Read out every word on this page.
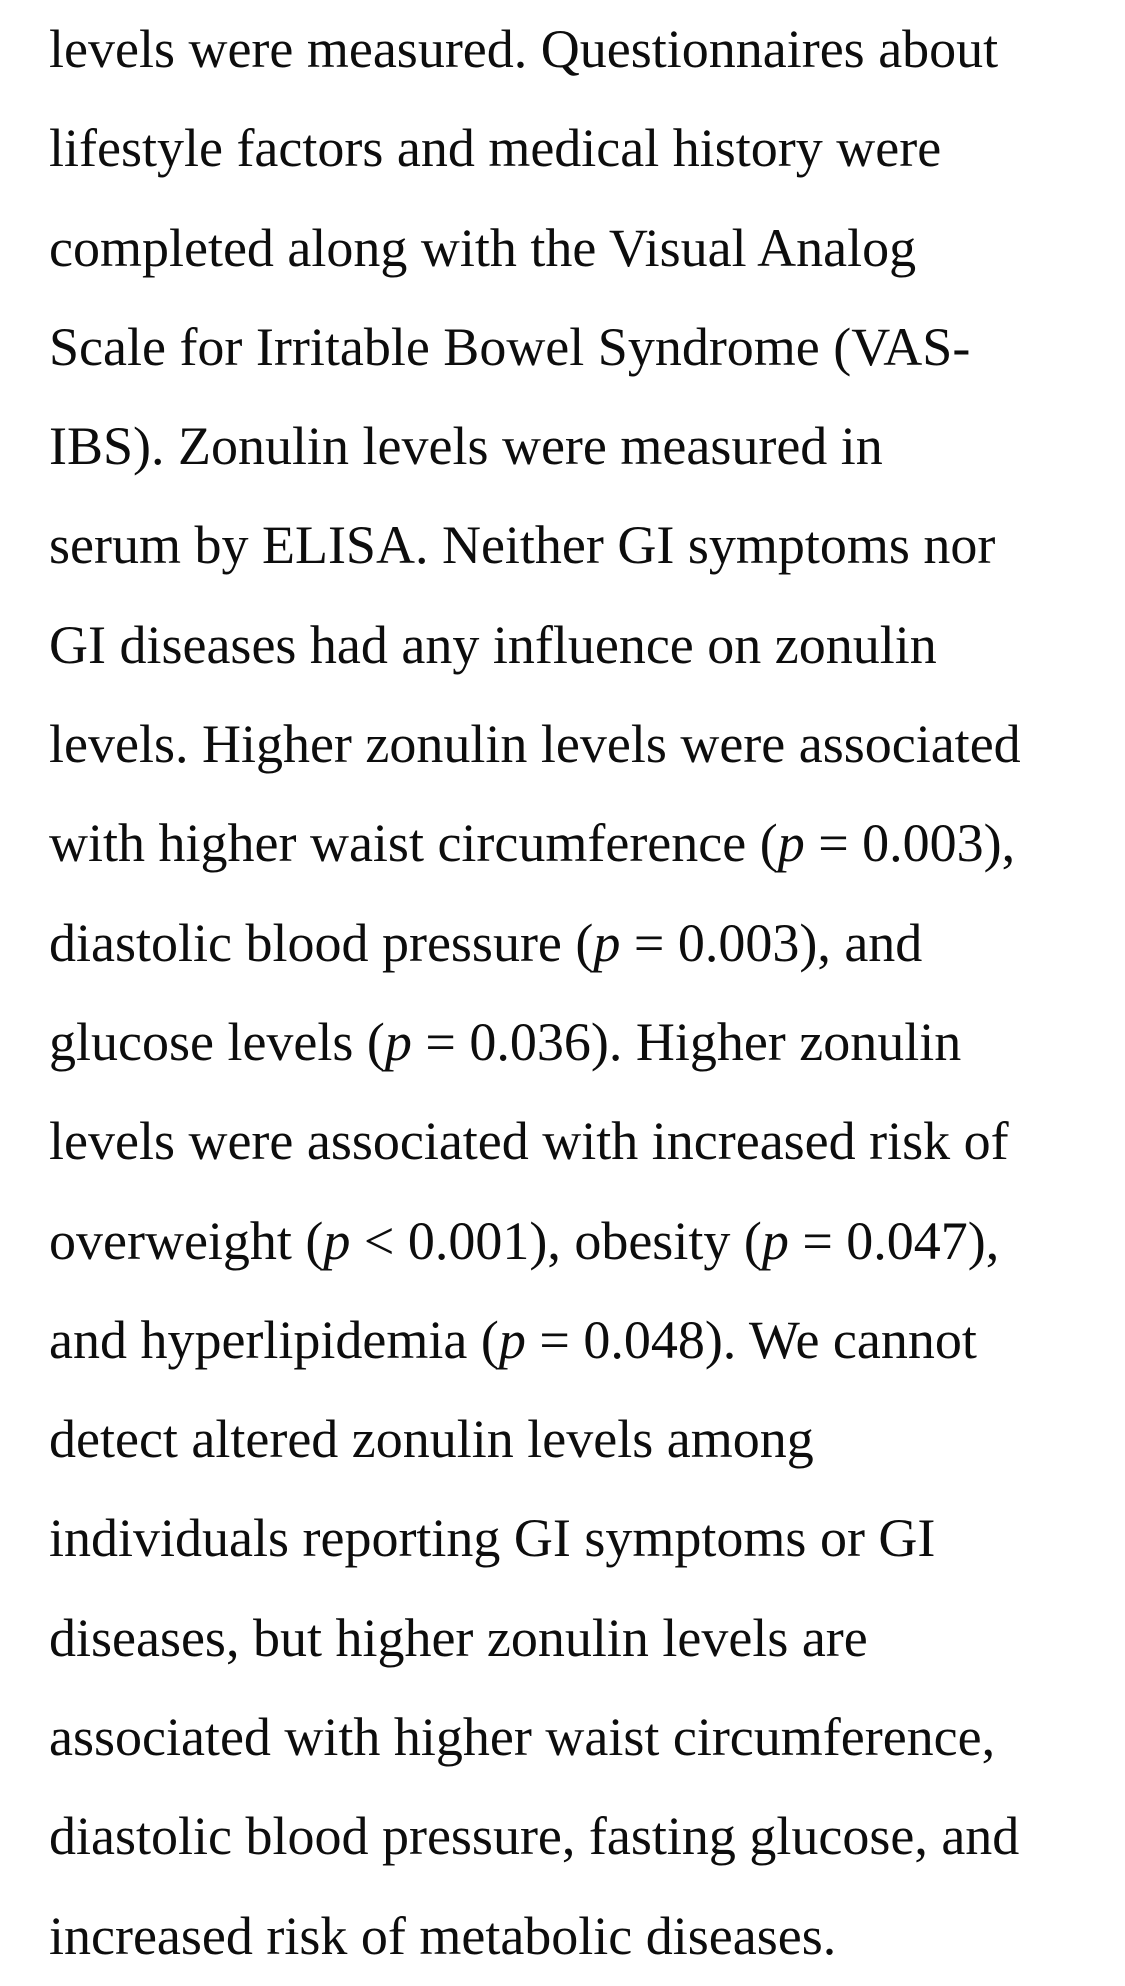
levels were measured. Questionnaires about
lifestyle factors and medical history were
completed along with the Visual Analog
Scale for Irritable Bowel Syndrome (VAS-
IBS). Zonulin levels were measured in
serum by ELISA. Neither GI symptoms nor
GI diseases had any influence on zonulin
levels. Higher zonulin levels were associated
with higher waist circumference (p = 0.003),
diastolic blood pressure (p = 0.003), and
glucose levels (p = 0.036). Higher zonulin
levels were associated with increased risk of
overweight (p < 0.001), obesity (p = 0.047),
and hyperlipidemia (p = 0.048). We cannot
detect altered zonulin levels among
individuals reporting GI symptoms or GI
diseases, but higher zonulin levels are
associated with higher waist circumference,
diastolic blood pressure, fasting glucose, and
increased risk of metabolic diseases.
